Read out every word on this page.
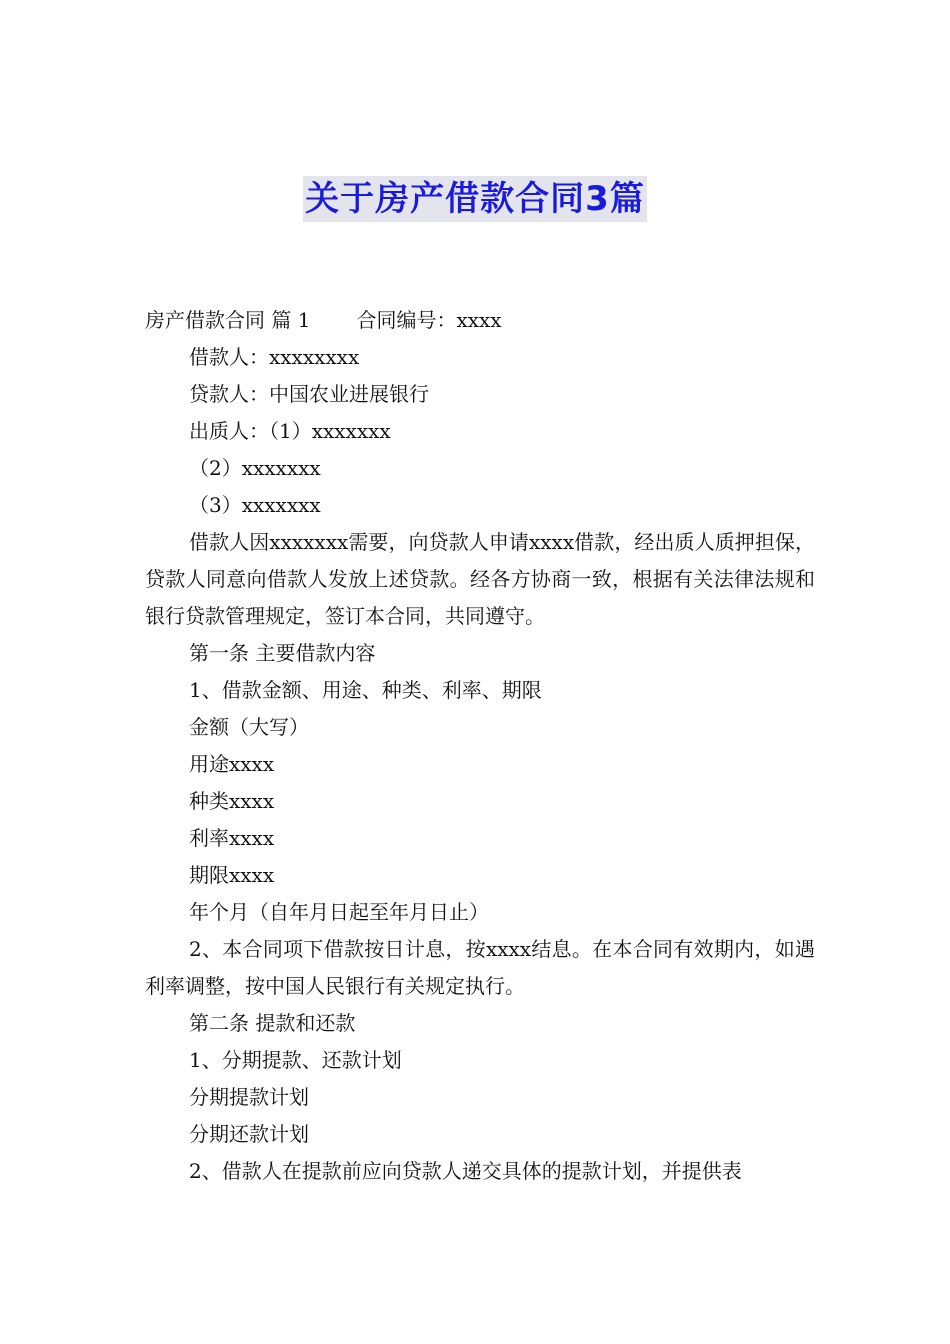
关于房产借款合同3篇

房产借款合同 篇 1 合同编号：xxxx

借款人：xxxxxxxx

贷款人：中国农业进展银行

出质人：（1）xxxxxxx

（2）xxxxxxx

（3）xxxxxxx

借款人因xxxxxxx需要，向贷款人申请xxxx借款，经出质人质押担保，贷款人同意向借款人发放上述贷款。经各方协商一致，根据有关法律法规和银行贷款管理规定，签订本合同，共同遵守。

第一条 主要借款内容

1、借款金额、用途、种类、利率、期限

金额（大写）

用途xxxx

种类xxxx

利率xxxx

期限xxxx

年个月（自年月日起至年月日止）

2、本合同项下借款按日计息，按xxxx结息。在本合同有效期内，如遇利率调整，按中国人民银行有关规定执行。

第二条 提款和还款

1、分期提款、还款计划

分期提款计划

分期还款计划

2、借款人在提款前应向贷款人递交具体的提款计划，并提供表
